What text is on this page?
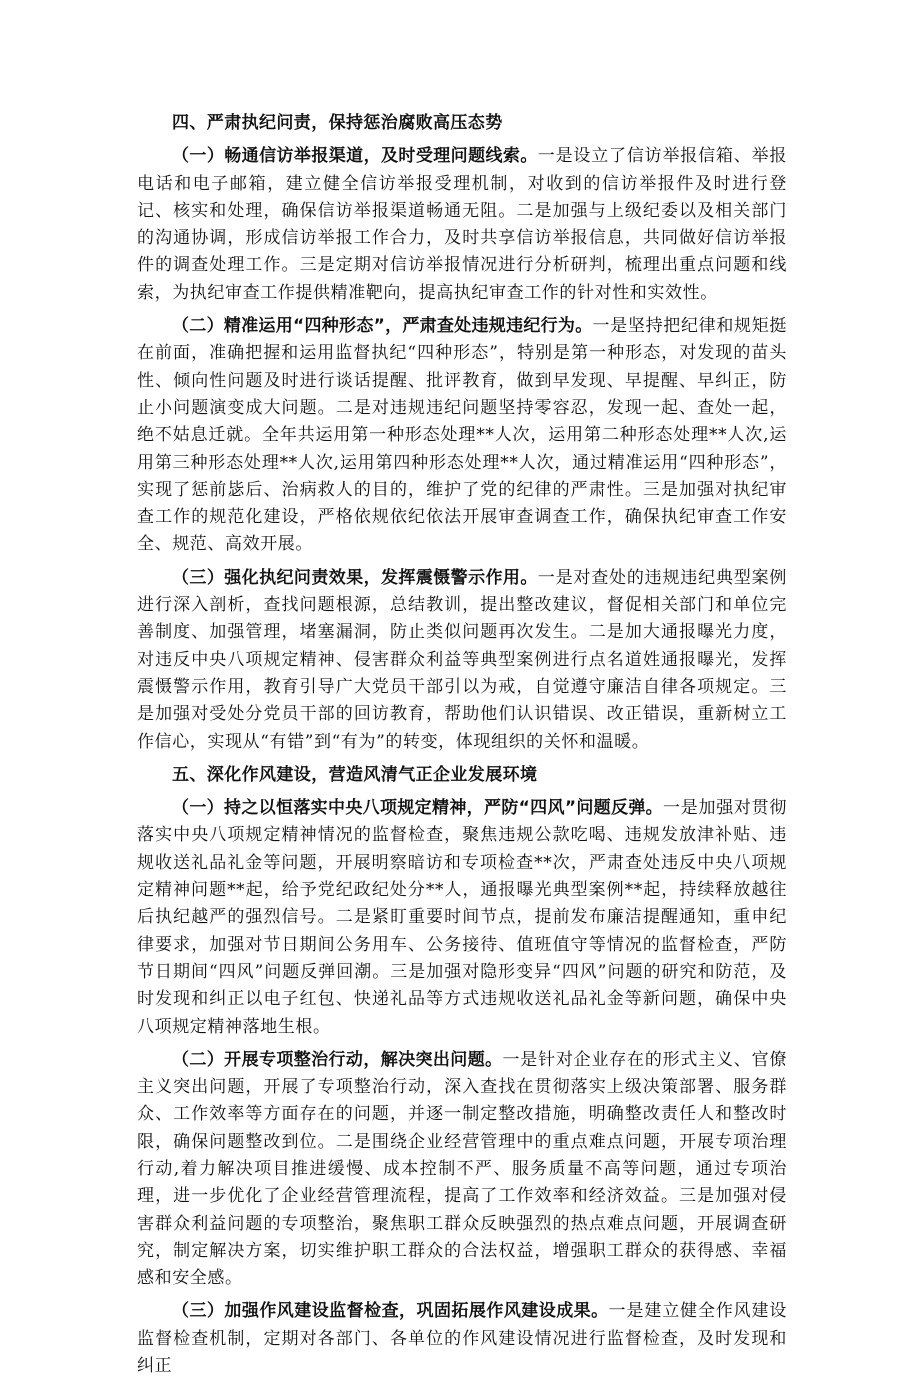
四、严肃执纪问责，保持惩治腐败高压态势

（一）畅通信访举报渠道，及时受理问题线索。一是设立了信访举报信箱、举报电话和电子邮箱，建立健全信访举报受理机制，对收到的信访举报件及时进行登记、核实和处理，确保信访举报渠道畅通无阻。二是加强与上级纪委以及相关部门的沟通协调，形成信访举报工作合力，及时共享信访举报信息，共同做好信访举报件的调查处理工作。三是定期对信访举报情况进行分析研判，梳理出重点问题和线索，为执纪审查工作提供精准靶向，提高执纪审查工作的针对性和实效性。

（二）精准运用“四种形态”，严肃查处违规违纪行为。一是坚持把纪律和规矩挺在前面，准确把握和运用监督执纪“四种形态”，特别是第一种形态，对发现的苗头性、倾向性问题及时进行谈话提醒、批评教育，做到早发现、早提醒、早纠正，防止小问题演变成大问题。二是对违规违纪问题坚持零容忍，发现一起、查处一起，绝不姑息迁就。全年共运用第一种形态处理**人次，运用第二种形态处理**人次,运用第三种形态处理**人次,运用第四种形态处理**人次，通过精准运用“四种形态”，实现了惩前毖后、治病救人的目的，维护了党的纪律的严肃性。三是加强对执纪审查工作的规范化建设，严格依规依纪依法开展审查调查工作，确保执纪审查工作安全、规范、高效开展。

（三）强化执纪问责效果，发挥震慑警示作用。一是对查处的违规违纪典型案例进行深入剖析，查找问题根源，总结教训，提出整改建议，督促相关部门和单位完善制度、加强管理，堵塞漏洞，防止类似问题再次发生。二是加大通报曝光力度，对违反中央八项规定精神、侵害群众利益等典型案例进行点名道姓通报曝光，发挥震慑警示作用，教育引导广大党员干部引以为戒，自觉遵守廉洁自律各项规定。三是加强对受处分党员干部的回访教育，帮助他们认识错误、改正错误，重新树立工作信心，实现从“有错”到“有为”的转变，体现组织的关怀和温暖。

五、深化作风建设，营造风清气正企业发展环境

（一）持之以恒落实中央八项规定精神，严防“四风”问题反弹。一是加强对贯彻落实中央八项规定精神情况的监督检查，聚焦违规公款吃喝、违规发放津补贴、违规收送礼品礼金等问题，开展明察暗访和专项检查**次，严肃查处违反中央八项规定精神问题**起，给予党纪政纪处分**人，通报曝光典型案例**起，持续释放越往后执纪越严的强烈信号。二是紧盯重要时间节点，提前发布廉洁提醒通知，重申纪律要求，加强对节日期间公务用车、公务接待、值班值守等情况的监督检查，严防节日期间“四风”问题反弹回潮。三是加强对隐形变异“四风”问题的研究和防范，及时发现和纠正以电子红包、快递礼品等方式违规收送礼品礼金等新问题，确保中央八项规定精神落地生根。

（二）开展专项整治行动，解决突出问题。一是针对企业存在的形式主义、官僚主义突出问题，开展了专项整治行动，深入查找在贯彻落实上级决策部署、服务群众、工作效率等方面存在的问题，并逐一制定整改措施，明确整改责任人和整改时限，确保问题整改到位。二是围绕企业经营管理中的重点难点问题，开展专项治理行动,着力解决项目推进缓慢、成本控制不严、服务质量不高等问题，通过专项治理，进一步优化了企业经营管理流程，提高了工作效率和经济效益。三是加强对侵害群众利益问题的专项整治，聚焦职工群众反映强烈的热点难点问题，开展调查研究，制定解决方案，切实维护职工群众的合法权益，增强职工群众的获得感、幸福感和安全感。

（三）加强作风建设监督检查，巩固拓展作风建设成果。一是建立健全作风建设监督检查机制，定期对各部门、各单位的作风建设情况进行监督检查，及时发现和纠正
